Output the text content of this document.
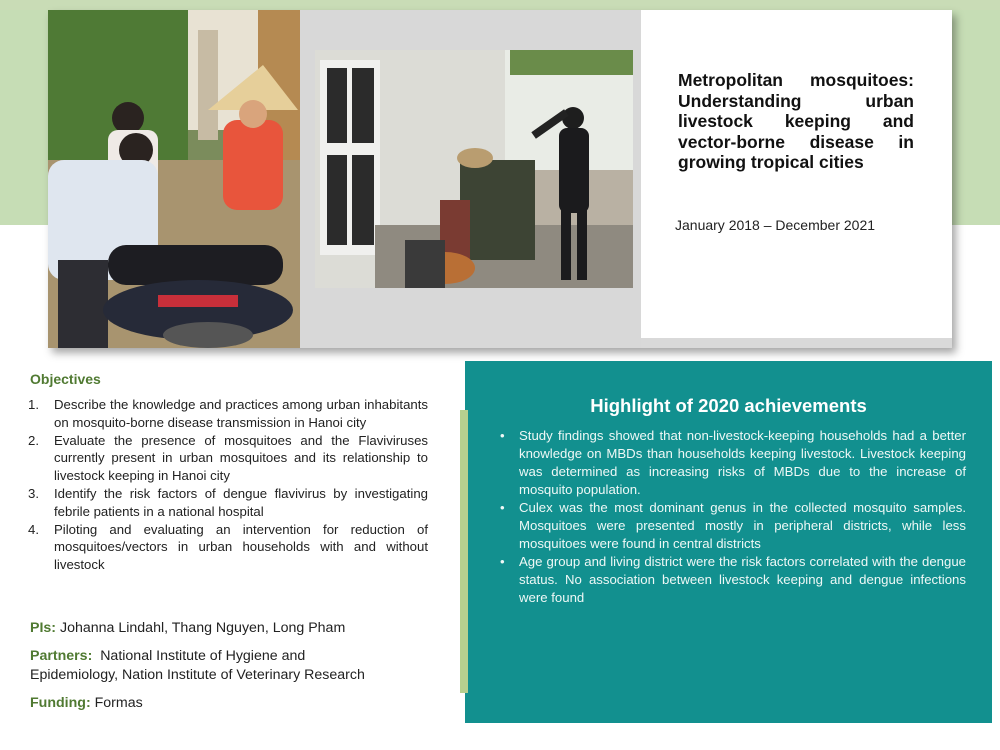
Metropolitan mosquitoes: Understanding urban livestock keeping and vector-borne disease in growing tropical cities

January 2018 – December 2021

Objectives
1. Describe the knowledge and practices among urban inhabitants on mosquito-borne disease transmission in Hanoi city
2. Evaluate the presence of mosquitoes and the Flaviviruses currently present in urban mosquitoes and its relationship to livestock keeping in Hanoi city
3. Identify the risk factors of dengue flavivirus by investigating febrile patients in a national hospital
4. Piloting and evaluating an intervention for reduction of mosquitoes/vectors in urban households with and without livestock

PIs: Johanna Lindahl, Thang Nguyen, Long Pham

Partners: National Institute of Hygiene and Epidemiology, Nation Institute of Veterinary Research

Funding: Formas

Highlight of 2020 achievements
• Study findings showed that non-livestock-keeping households had a better knowledge on MBDs than households keeping livestock. Livestock keeping was determined as increasing risks of MBDs due to the increase of mosquito population.
• Culex was the most dominant genus in the collected mosquito samples. Mosquitoes were presented mostly in peripheral districts, while less mosquitoes were found in central districts
• Age group and living district were the risk factors correlated with the dengue status. No association between livestock keeping and dengue infections were found
